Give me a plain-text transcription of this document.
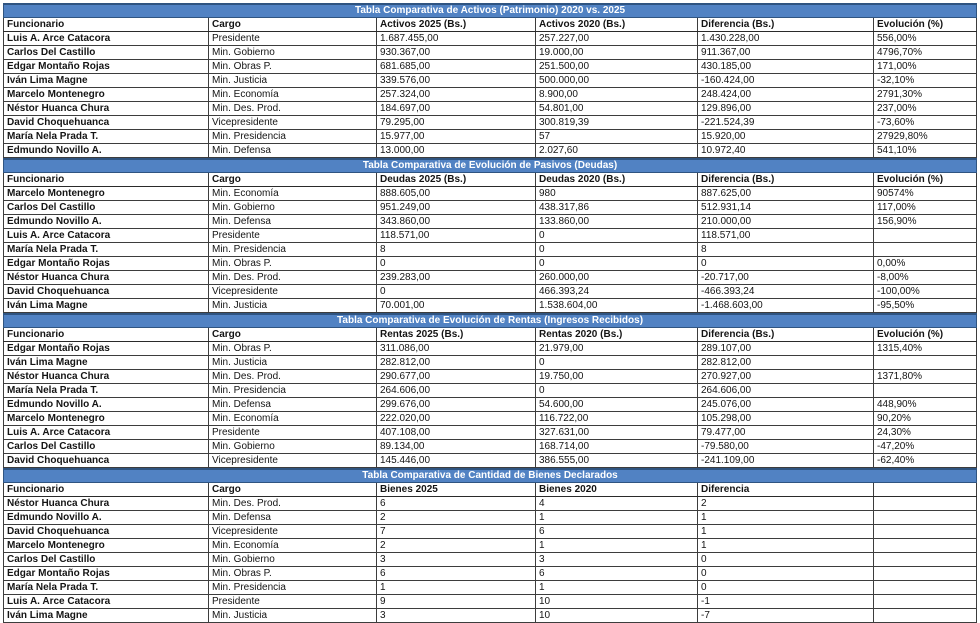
Tabla Comparativa de Activos (Patrimonio) 2020 vs. 2025					
Funcionario	Cargo	Activos 2025 (Bs.)	Activos 2020 (Bs.)	Diferencia (Bs.)	Evolución (%)
Luis A. Arce Catacora	Presidente	1.687.455,00	257.227,00	1.430.228,00	556,00%
Carlos Del Castillo	Min. Gobierno	930.367,00	19.000,00	911.367,00	4796,70%
Edgar Montaño Rojas	Min. Obras P.	681.685,00	251.500,00	430.185,00	171,00%
Iván Lima Magne	Min. Justicia	339.576,00	500.000,00	-160.424,00	-32,10%
Marcelo Montenegro	Min. Economía	257.324,00	8.900,00	248.424,00	2791,30%
Néstor Huanca Chura	Min. Des. Prod.	184.697,00	54.801,00	129.896,00	237,00%
David Choquehuanca	Vicepresidente	79.295,00	300.819,39	-221.524,39	-73,60%
María Nela Prada T.	Min. Presidencia	15.977,00	57	15.920,00	27929,80%
Edmundo Novillo A.	Min. Defensa	13.000,00	2.027,60	10.972,40	541,10%
Tabla Comparativa de Evolución de Pasivos (Deudas)					
Funcionario	Cargo	Deudas 2025 (Bs.)	Deudas 2020 (Bs.)	Diferencia (Bs.)	Evolución (%)
Marcelo Montenegro	Min. Economía	888.605,00	980	887.625,00	90574%
Carlos Del Castillo	Min. Gobierno	951.249,00	438.317,86	512.931,14	117,00%
Edmundo Novillo A.	Min. Defensa	343.860,00	133.860,00	210.000,00	156,90%
Luis A. Arce Catacora	Presidente	118.571,00	0	118.571,00	
María Nela Prada T.	Min. Presidencia	8	0	8	
Edgar Montaño Rojas	Min. Obras P.	0	0	0	0,00%
Néstor Huanca Chura	Min. Des. Prod.	239.283,00	260.000,00	-20.717,00	-8,00%
David Choquehuanca	Vicepresidente	0	466.393,24	-466.393,24	-100,00%
Iván Lima Magne	Min. Justicia	70.001,00	1.538.604,00	-1.468.603,00	-95,50%
Tabla Comparativa de Evolución de Rentas (Ingresos Recibidos)					
Funcionario	Cargo	Rentas 2025 (Bs.)	Rentas 2020 (Bs.)	Diferencia (Bs.)	Evolución (%)
Edgar Montaño Rojas	Min. Obras P.	311.086,00	21.979,00	289.107,00	1315,40%
Iván Lima Magne	Min. Justicia	282.812,00	0	282.812,00	
Néstor Huanca Chura	Min. Des. Prod.	290.677,00	19.750,00	270.927,00	1371,80%
María Nela Prada T.	Min. Presidencia	264.606,00	0	264.606,00	
Edmundo Novillo A.	Min. Defensa	299.676,00	54.600,00	245.076,00	448,90%
Marcelo Montenegro	Min. Economía	222.020,00	116.722,00	105.298,00	90,20%
Luis A. Arce Catacora	Presidente	407.108,00	327.631,00	79.477,00	24,30%
Carlos Del Castillo	Min. Gobierno	89.134,00	168.714,00	-79.580,00	-47,20%
David Choquehuanca	Vicepresidente	145.446,00	386.555,00	-241.109,00	-62,40%
Tabla Comparativa de Cantidad de Bienes Declarados					
Funcionario	Cargo	Bienes 2025	Bienes 2020	Diferencia	
Néstor Huanca Chura	Min. Des. Prod.	6	4	2	
Edmundo Novillo A.	Min. Defensa	2	1	1	
David Choquehuanca	Vicepresidente	7	6	1	
Marcelo Montenegro	Min. Economía	2	1	1	
Carlos Del Castillo	Min. Gobierno	3	3	0	
Edgar Montaño Rojas	Min. Obras P.	6	6	0	
María Nela Prada T.	Min. Presidencia	1	1	0	
Luis A. Arce Catacora	Presidente	9	10	-1	
Iván Lima Magne	Min. Justicia	3	10	-7	
